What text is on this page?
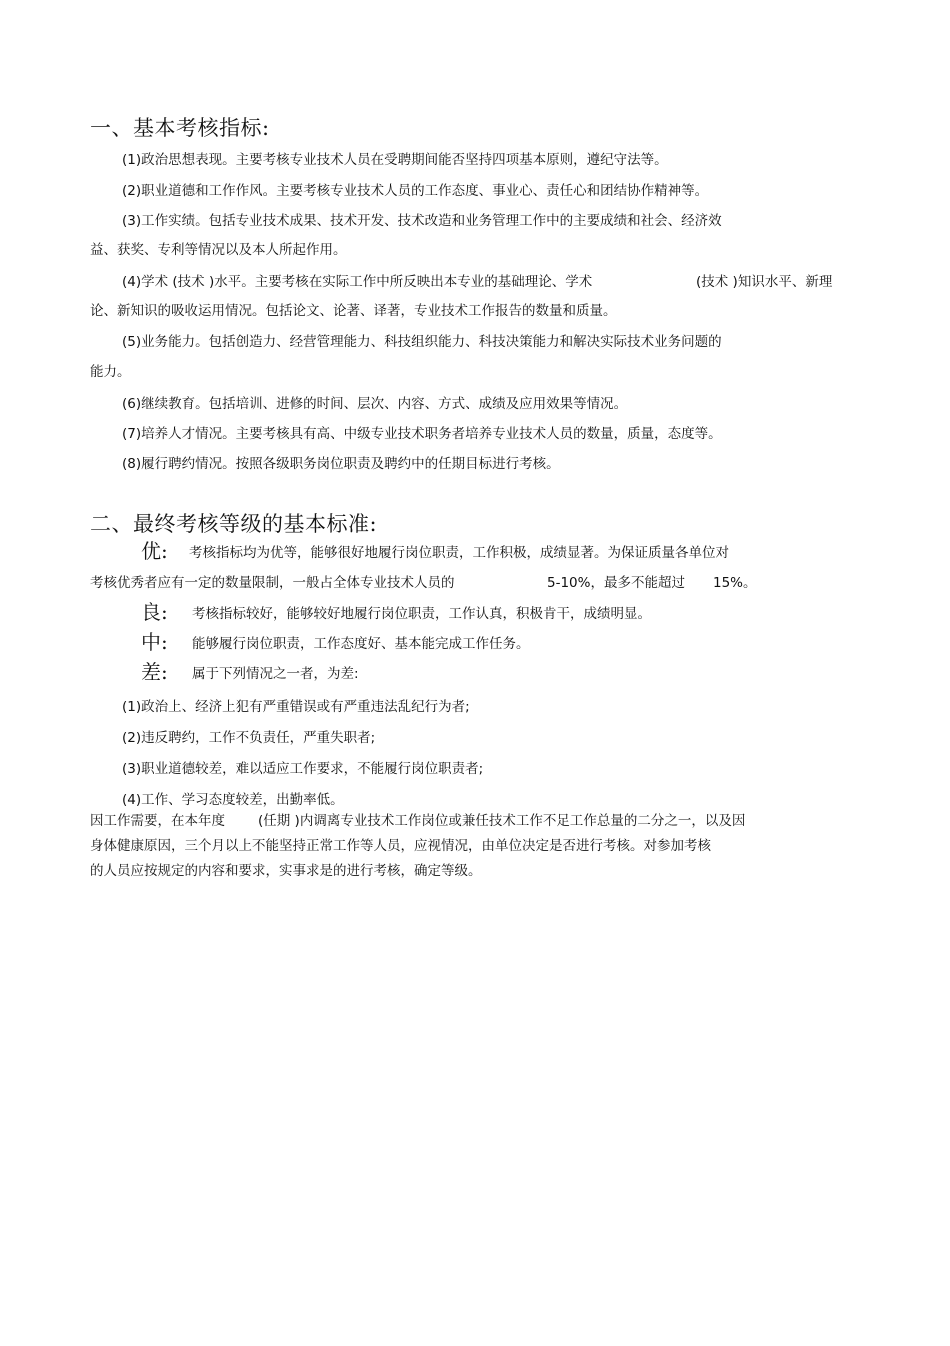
一、基本考核指标:
(1)政治思想表现。主要考核专业技术人员在受聘期间能否坚持四项基本原则，遵纪守法等。
(2)职业道德和工作作风。主要考核专业技术人员的工作态度、事业心、责任心和团结协作精神等。
(3)工作实绩。包括专业技术成果、技术开发、技术改造和业务管理工作中的主要成绩和社会、经济效
益、获奖、专利等情况以及本人所起作用。
(4)学术 (技术 )水平。主要考核在实际工作中所反映出本专业的基础理论、学术	(技术 )知识水平、新理
论、新知识的吸收运用情况。包括论文、论著、译著，专业技术工作报告的数量和质量。
(5)业务能力。包括创造力、经营管理能力、科技组织能力、科技决策能力和解决实际技术业务问题的
能力。
(6)继续教育。包括培训、进修的时间、层次、内容、方式、成绩及应用效果等情况。
(7)培养人才情况。主要考核具有高、中级专业技术职务者培养专业技术人员的数量，质量，态度等。
(8)履行聘约情况。按照各级职务岗位职责及聘约中的任期目标进行考核。
二、最终考核等级的基本标准:
优: 考核指标均为优等，能够很好地履行岗位职责，工作积极，成绩显著。为保证质量各单位对
考核优秀者应有一定的数量限制，一般占全体专业技术人员的	5-10%，最多不能超过 15%。
良: 考核指标较好，能够较好地履行岗位职责，工作认真，积极肯干，成绩明显。
中: 能够履行岗位职责，工作态度好、基本能完成工作任务。
差: 属于下列情况之一者，为差:
(1)政治上、经济上犯有严重错误或有严重违法乱纪行为者;
(2)违反聘约，工作不负责任，严重失职者;
(3)职业道德较差，难以适应工作要求，不能履行岗位职责者;
(4)工作、学习态度较差，出勤率低。
因工作需要，在本年度 (任期 )内调离专业技术工作岗位或兼任技术工作不足工作总量的二分之一，以及因
身体健康原因，三个月以上不能坚持正常工作等人员，应视情况，由单位决定是否进行考核。对参加考核
的人员应按规定的内容和要求，实事求是的进行考核，确定等级。
